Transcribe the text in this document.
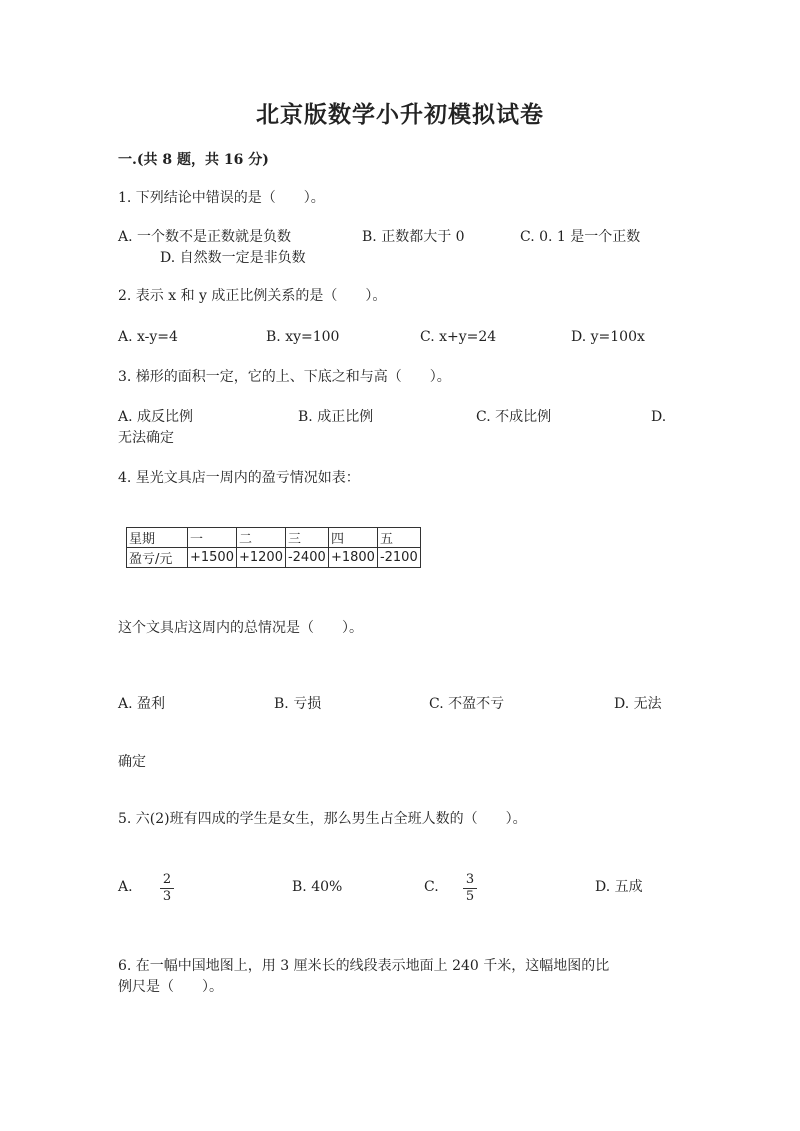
北京版数学小升初模拟试卷
一.(共 8 题，共 16 分)
1. 下列结论中错误的是（　　）。
A. 一个数不是正数就是负数	B. 正数都大于 0	C. 0. 1 是一个正数
D. 自然数一定是非负数
2. 表示 x 和 y 成正比例关系的是（　　）。
A. x-y=4	B. xy=100	C. x+y=24	D. y=100x
3. 梯形的面积一定，它的上、下底之和与高（　　）。
A. 成反比例	B. 成正比例	C. 不成比例	D.
无法确定
4. 星光文具店一周内的盈亏情况如表：
星期	一	二	三	四	五
盈亏/元	+1500	+1200	-2400	+1800	-2100
这个文具店这周内的总情况是（　　）。
A. 盈利	B. 亏损	C. 不盈不亏	D. 无法
确定
5. 六(2)班有四成的学生是女生，那么男生占全班人数的（　　）。
A. $\frac{2}{3}$	B. 40%	C. $\frac{3}{5}$	D. 五成
6. 在一幅中国地图上，用 3 厘米长的线段表示地面上 240 千米，这幅地图的比
例尺是（　　）。
